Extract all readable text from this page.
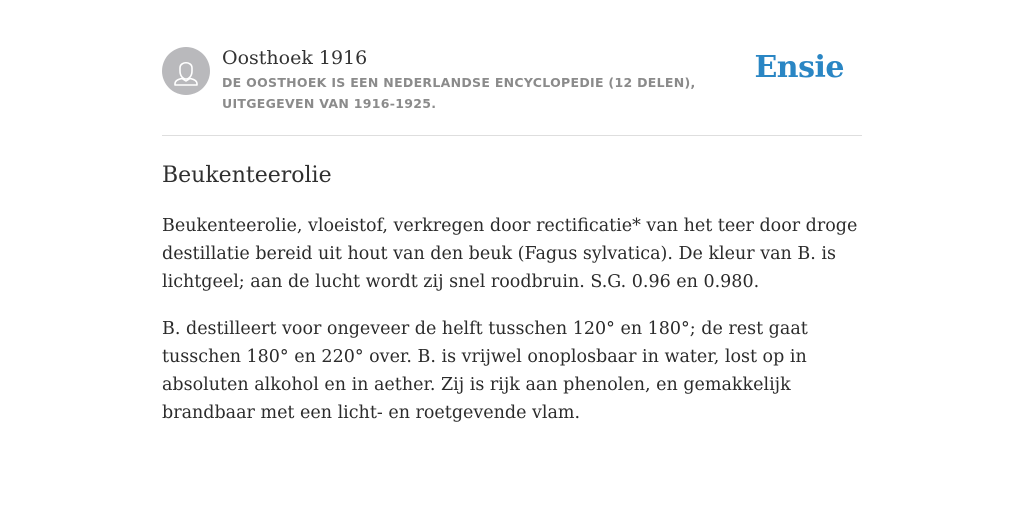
Oosthoek 1916
DE OOSTHOEK IS EEN NEDERLANDSE ENCYCLOPEDIE (12 DELEN), UITGEGEVEN VAN 1916-1925.
Ensie
Beukenteerolie

Beukenteerolie, vloeistof, verkregen door rectificatie* van het teer door droge destillatie bereid uit hout van den beuk (Fagus sylvatica). De kleur van B. is lichtgeel; aan de lucht wordt zij snel roodbruin. S.G. 0.96 en 0.980.

B. destilleert voor ongeveer de helft tusschen 120° en 180°; de rest gaat tusschen 180° en 220° over. B. is vrijwel onoplosbaar in water, lost op in absoluten alkohol en in aether. Zij is rijk aan phenolen, en gemakkelijk brandbaar met een licht- en roetgevende vlam.
